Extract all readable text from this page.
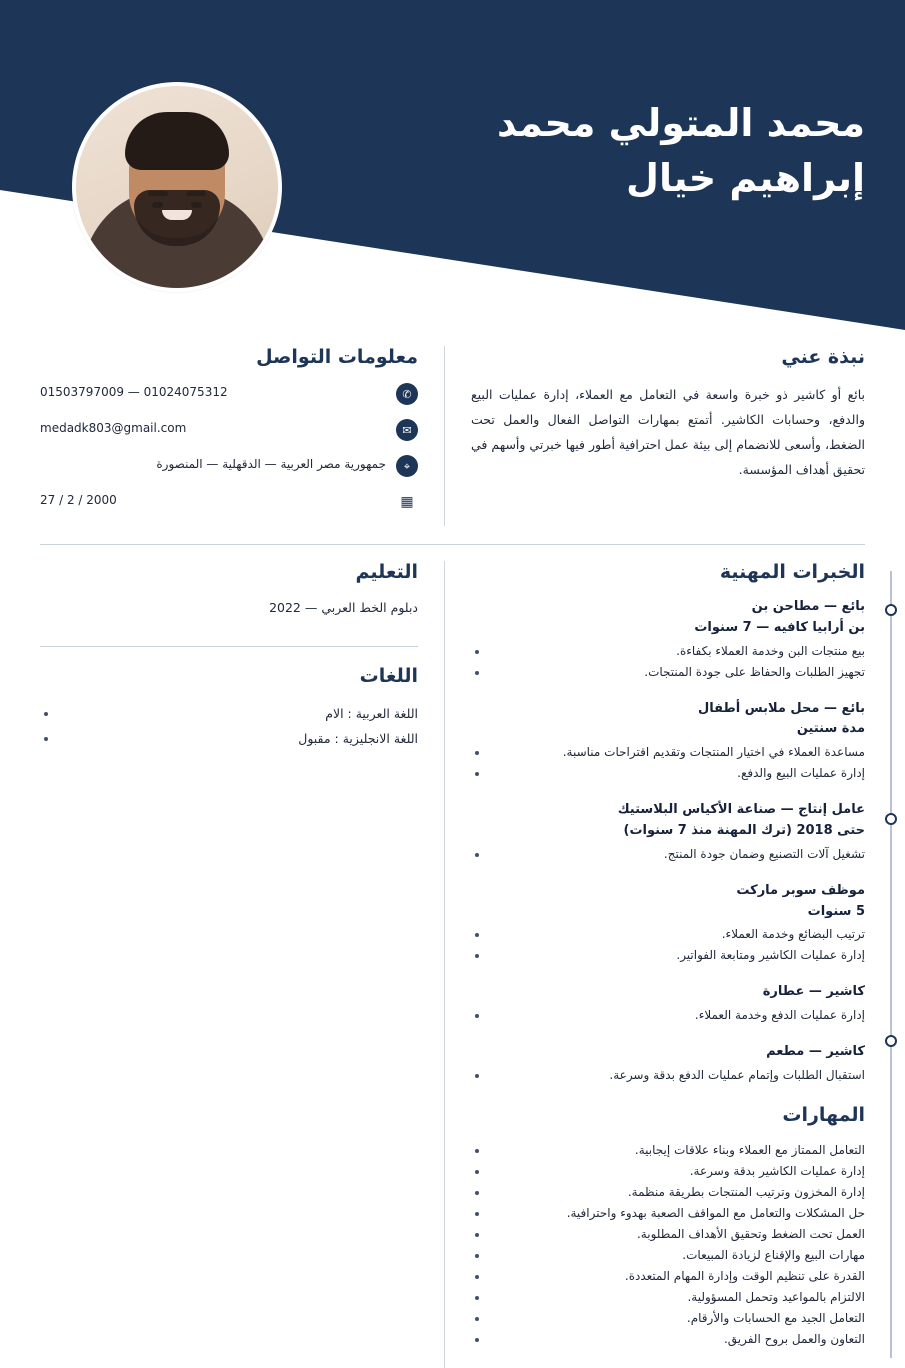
محمد المتولي محمد
إبراهيم خيال
نبذة عني

بائع أو كاشير ذو خبرة واسعة في التعامل مع العملاء، إدارة عمليات البيع والدفع، وحسابات الكاشير. أتمتع بمهارات التواصل الفعال والعمل تحت الضغط، وأسعى للانضمام إلى بيئة عمل احترافية أطور فيها خبرتي وأسهم في تحقيق أهداف المؤسسة.

معلومات التواصل
✆
01503797009 — 01024075312
✉
medadk803@gmail.com
⌖
جمهورية مصر العربية — الدقهلية — المنصورة
▦
27 / 2 / 2000
الخبرات المهنية

بائع — مطاحن بن

بن أرابيا كافيه — 7 سنوات

بيع منتجات البن وخدمة العملاء بكفاءة.
تجهيز الطلبات والحفاظ على جودة المنتجات.

بائع — محل ملابس أطفال

مدة سنتين

مساعدة العملاء في اختيار المنتجات وتقديم اقتراحات مناسبة.
إدارة عمليات البيع والدفع.

عامل إنتاج — صناعة الأكياس البلاستيك

حتى 2018 (ترك المهنة منذ 7 سنوات)

تشغيل آلات التصنيع وضمان جودة المنتج.

موظف سوبر ماركت

5 سنوات

ترتيب البضائع وخدمة العملاء.
إدارة عمليات الكاشير ومتابعة الفواتير.

كاشير — عطارة

إدارة عمليات الدفع وخدمة العملاء.

كاشير — مطعم

استقبال الطلبات وإتمام عمليات الدفع بدقة وسرعة.
المهارات
التعامل الممتاز مع العملاء وبناء علاقات إيجابية.
إدارة عمليات الكاشير بدقة وسرعة.
إدارة المخزون وترتيب المنتجات بطريقة منظمة.
حل المشكلات والتعامل مع المواقف الصعبة بهدوء واحترافية.
العمل تحت الضغط وتحقيق الأهداف المطلوبة.
مهارات البيع والإقناع لزيادة المبيعات.
القدرة على تنظيم الوقت وإدارة المهام المتعددة.
الالتزام بالمواعيد وتحمل المسؤولية.
التعامل الجيد مع الحسابات والأرقام.
التعاون والعمل بروح الفريق.
التعليم
دبلوم الخط العربي — 2022
اللغات
اللغة العربية : الام
اللغة الانجليزية : مقبول
